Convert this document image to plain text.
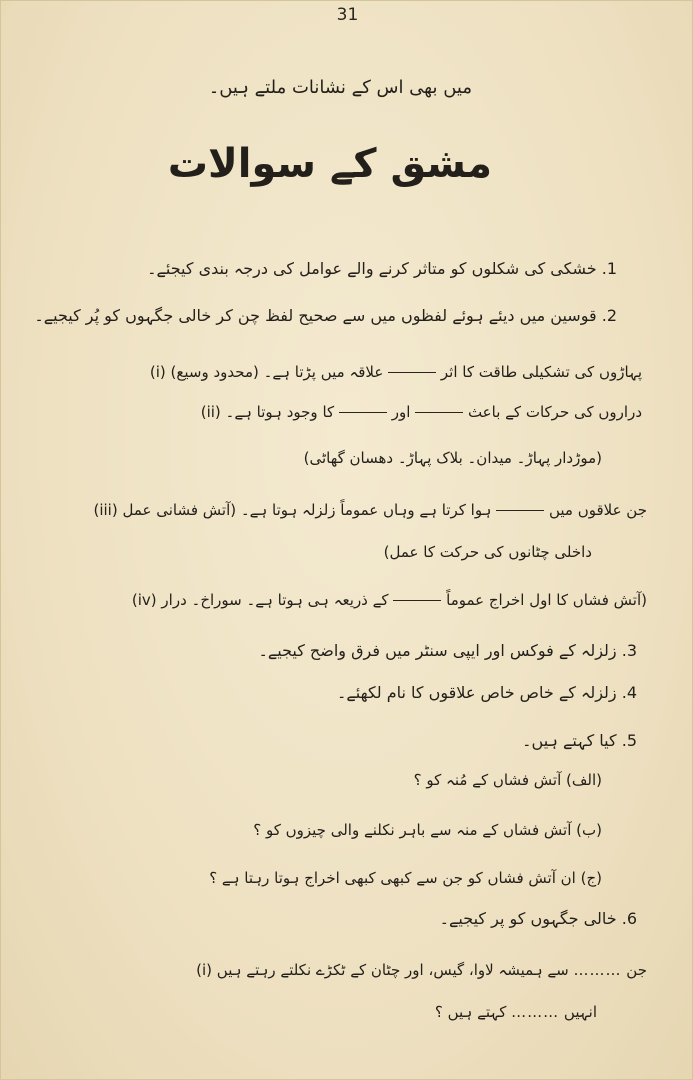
31
میں بھی اس کے نشانات ملتے ہیں۔
مشق کے سوالات
1. خشکی کی شکلوں کو متاثر کرنے والے عوامل کی درجہ بندی کیجئے۔
2. قوسین میں دیئے ہوئے لفظوں میں سے صحیح لفظ چن کر خالی جگہوں کو پُر کیجیے۔
(i)	پہاڑوں کی تشکیلی طاقت کا اثر  علاقہ میں پڑتا ہے۔ (محدود وسیع)
(ii)	دراروں کی حرکات کے باعث  اور  کا وجود ہوتا ہے۔
(موڑدار پہاڑ۔ میدان۔ بلاک پہاڑ۔ دھسان گھاٹی)
(iii)	جن علاقوں میں  ہوا کرتا ہے وہاں عموماً زلزلہ ہوتا ہے۔ (آتش فشانی عمل
داخلی چٹانوں کی حرکت کا عمل)
(iv)	آتش فشاں کا اول اخراج عموماً  کے ذریعہ ہی ہوتا ہے۔ سوراخ۔ درار)
3. زلزلہ کے فوکس اور ایپی سنٹر میں فرق واضح کیجیے۔
4. زلزلہ کے خاص خاص علاقوں کا نام لکھئے۔
5. کیا کہتے ہیں۔
(الف) آتش فشاں کے مُنہ کو ؟
(ب) آتش فشاں کے منہ سے باہر نکلنے والی چیزوں کو ؟
(ج) ان آتش فشاں کو جن سے کبھی کبھی اخراج ہوتا رہتا ہے ؟
6. خالی جگہوں کو پر کیجیے۔
(i)	جن ……… سے ہمیشہ لاوا، گیس، اور چٹان کے ٹکڑے نکلتے رہتے ہیں
انہیں ……… کہتے ہیں ؟
